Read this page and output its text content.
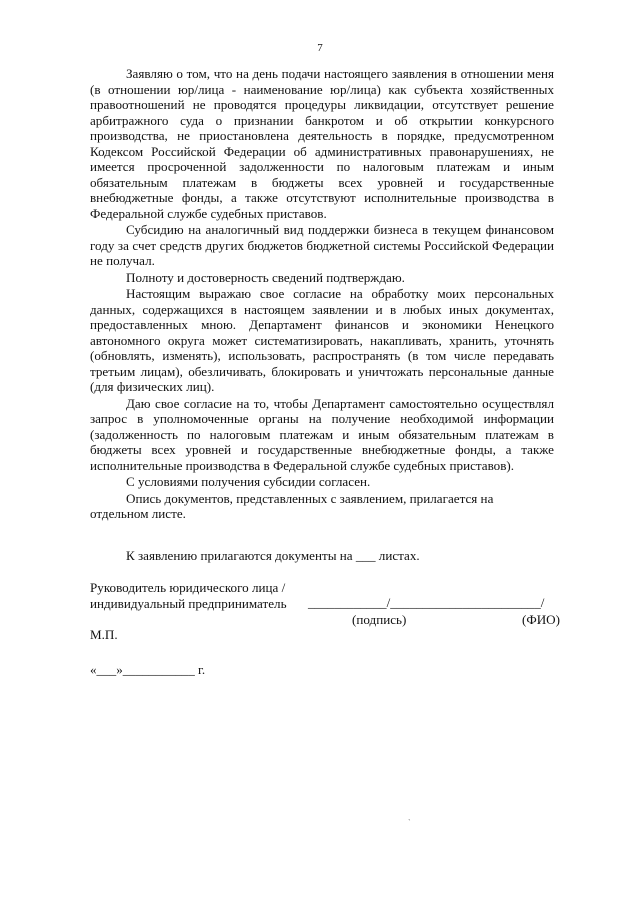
7

Заявляю о том, что на день подачи настоящего заявления в отношении меня (в отношении юр/лица - наименование юр/лица) как субъекта хозяйственных правоотношений не проводятся процедуры ликвидации, отсутствует решение арбитражного суда о признании банкротом и об открытии конкурсного производства, не приостановлена деятельность в порядке, предусмотренном Кодексом Российской Федерации об административных правонарушениях, не имеется просроченной задолженности по налоговым платежам и иным обязательным платежам в бюджеты всех уровней и государственные внебюджетные фонды, а также отсутствуют исполнительные производства в Федеральной службе судебных приставов.

Субсидию на аналогичный вид поддержки бизнеса в текущем финансовом году за счет средств других бюджетов бюджетной системы Российской Федерации не получал.

Полноту и достоверность сведений подтверждаю.

Настоящим выражаю свое согласие на обработку моих персональных данных, содержащихся в настоящем заявлении и в любых иных документах, предоставленных мною. Департамент финансов и экономики Ненецкого автономного округа может систематизировать, накапливать, хранить, уточнять (обновлять, изменять), использовать, распространять (в том числе передавать третьим лицам), обезличивать, блокировать и уничтожать персональные данные (для физических лиц).

Даю свое согласие на то, чтобы Департамент самостоятельно осуществлял запрос в уполномоченные органы на получение необходимой информации (задолженность по налоговым платежам и иным обязательным платежам в бюджеты всех уровней и государственные внебюджетные фонды, а также исполнительные производства в Федеральной службе судебных приставов).

С условиями получения субсидии согласен.

Опись документов, представленных с заявлением, прилагается на отдельном листе.

К заявлению прилагаются документы на ___ листах.
Руководитель юридического лица /
индивидуальный предприниматель	____________/_______________________/
(подпись)	(ФИО)
М.П.
«___»___________ г.
`
